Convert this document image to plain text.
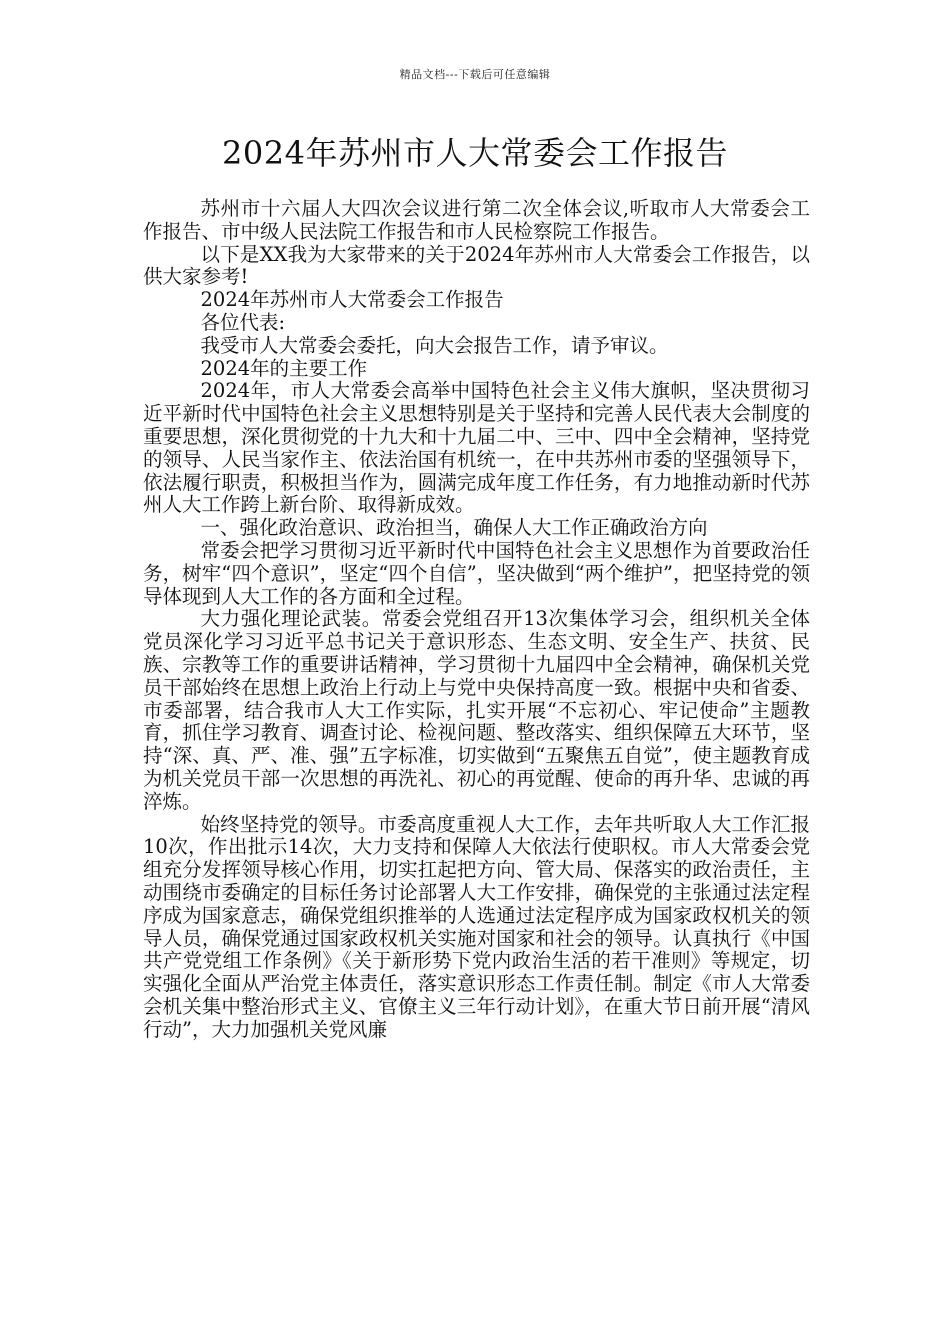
精品文档---下载后可任意编辑
2024年苏州市人大常委会工作报告

苏州市十六届人大四次会议进行第二次全体会议,听取市人大常委会工作报告、市中级人民法院工作报告和市人民检察院工作报告。

以下是XX我为大家带来的关于2024年苏州市人大常委会工作报告，以供大家参考!

2024年苏州市人大常委会工作报告

各位代表:

我受市人大常委会委托，向大会报告工作，请予审议。

2024年的主要工作

2024年，市人大常委会高举中国特色社会主义伟大旗帜，坚决贯彻习近平新时代中国特色社会主义思想特别是关于坚持和完善人民代表大会制度的重要思想，深化贯彻党的十九大和十九届二中、三中、四中全会精神，坚持党的领导、人民当家作主、依法治国有机统一，在中共苏州市委的坚强领导下，依法履行职责，积极担当作为，圆满完成年度工作任务，有力地推动新时代苏州人大工作跨上新台阶、取得新成效。

一、强化政治意识、政治担当，确保人大工作正确政治方向

常委会把学习贯彻习近平新时代中国特色社会主义思想作为首要政治任务，树牢“四个意识”，坚定“四个自信”，坚决做到“两个维护”，把坚持党的领导体现到人大工作的各方面和全过程。

大力强化理论武装。常委会党组召开13次集体学习会，组织机关全体党员深化学习习近平总书记关于意识形态、生态文明、安全生产、扶贫、民族、宗教等工作的重要讲话精神，学习贯彻十九届四中全会精神，确保机关党员干部始终在思想上政治上行动上与党中央保持高度一致。根据中央和省委、市委部署，结合我市人大工作实际，扎实开展“不忘初心、牢记使命”主题教育，抓住学习教育、调查讨论、检视问题、整改落实、组织保障五大环节，坚持“深、真、严、准、强”五字标准，切实做到“五聚焦五自觉”，使主题教育成为机关党员干部一次思想的再洗礼、初心的再觉醒、使命的再升华、忠诚的再淬炼。

始终坚持党的领导。市委高度重视人大工作，去年共听取人大工作汇报10次，作出批示14次，大力支持和保障人大依法行使职权。市人大常委会党组充分发挥领导核心作用，切实扛起把方向、管大局、保落实的政治责任，主动围绕市委确定的目标任务讨论部署人大工作安排，确保党的主张通过法定程序成为国家意志，确保党组织推举的人选通过法定程序成为国家政权机关的领导人员，确保党通过国家政权机关实施对国家和社会的领导。认真执行《中国共产党党组工作条例》《关于新形势下党内政治生活的若干准则》等规定，切实强化全面从严治党主体责任，落实意识形态工作责任制。制定《市人大常委会机关集中整治形式主义、官僚主义三年行动计划》，在重大节日前开展“清风行动”，大力加强机关党风廉
